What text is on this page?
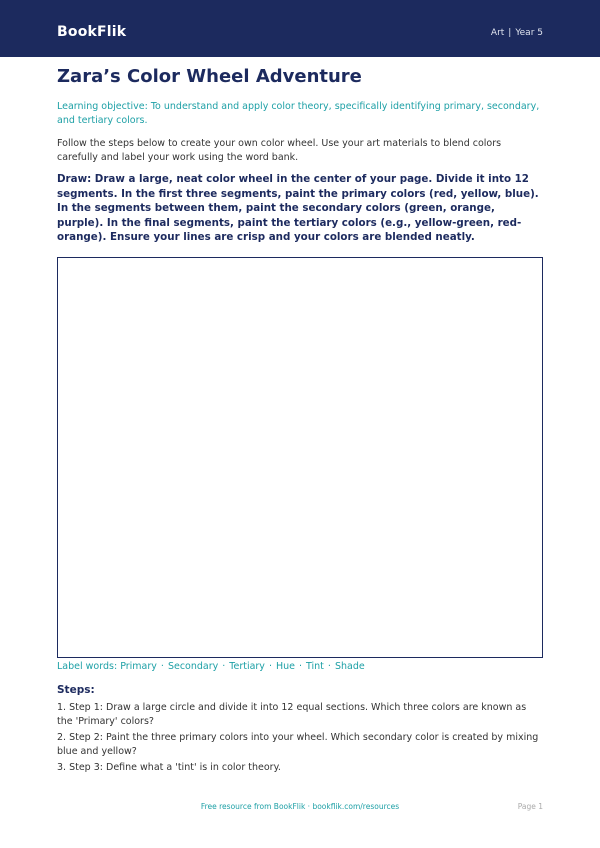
BookFlik	Art | Year 5
Zara’s Color Wheel Adventure
Learning objective: To understand and apply color theory, specifically identifying primary, secondary, and tertiary colors.
Follow the steps below to create your own color wheel. Use your art materials to blend colors carefully and label your work using the word bank.
Draw: Draw a large, neat color wheel in the center of your page. Divide it into 12 segments. In the first three segments, paint the primary colors (red, yellow, blue). In the segments between them, paint the secondary colors (green, orange, purple). In the final segments, paint the tertiary colors (e.g., yellow-green, red-orange). Ensure your lines are crisp and your colors are blended neatly.
Label words: Primary · Secondary · Tertiary · Hue · Tint · Shade
Steps:
1. Step 1: Draw a large circle and divide it into 12 equal sections. Which three colors are known as the 'Primary' colors?
2. Step 2: Paint the three primary colors into your wheel. Which secondary color is created by mixing blue and yellow?
3. Step 3: Define what a 'tint' is in color theory.
Free resource from BookFlik · bookflik.com/resources	Page 1
